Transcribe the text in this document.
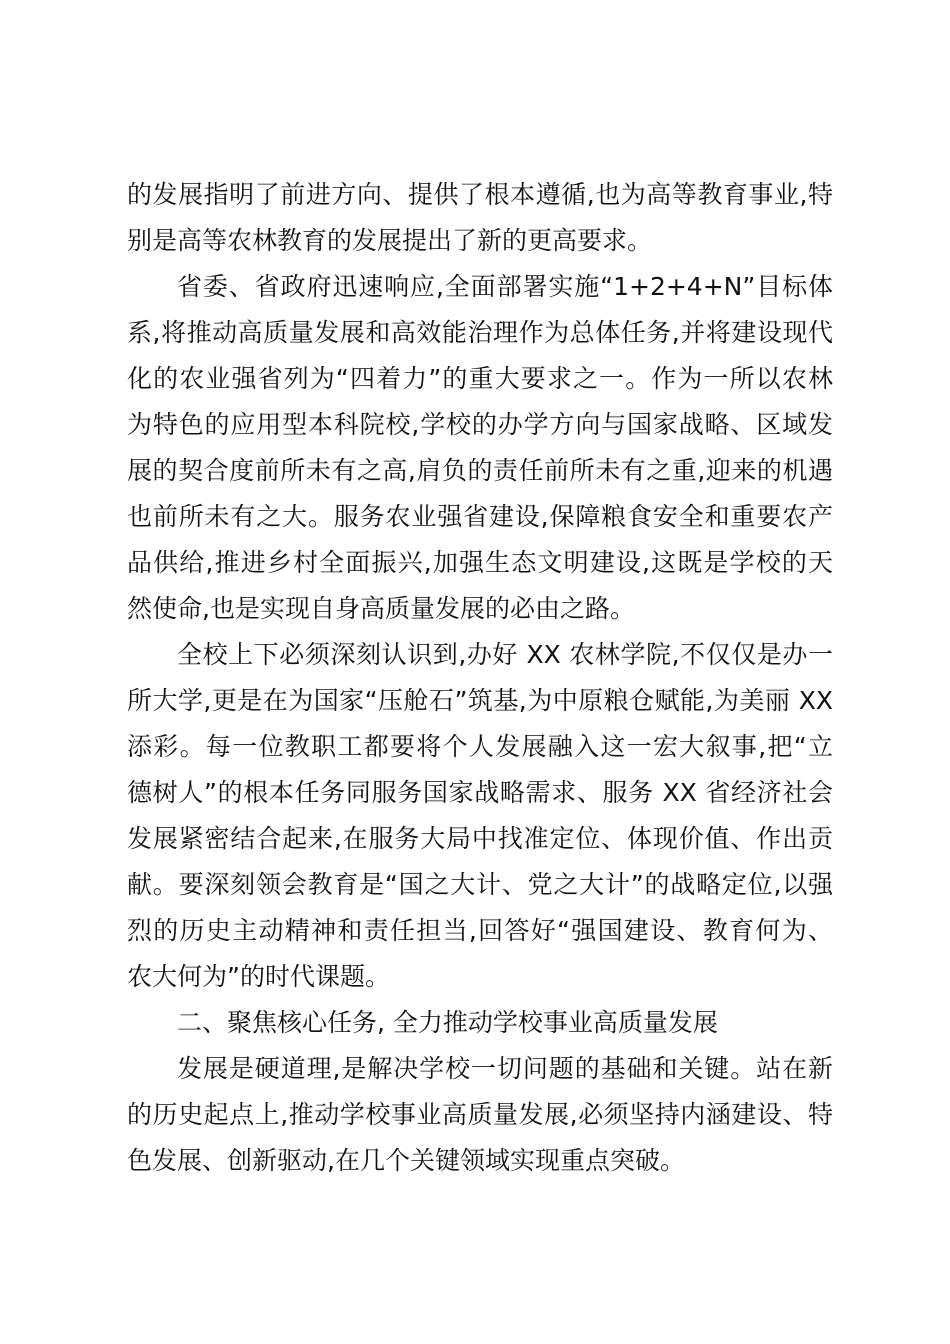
的发展指明了前进方向、提供了根本遵循,也为高等教育事业,特
别是高等农林教育的发展提出了新的更高要求。
省委、省政府迅速响应,全面部署实施“1+2+4+N”目标体
系,将推动高质量发展和高效能治理作为总体任务,并将建设现代
化的农业强省列为“四着力”的重大要求之一。作为一所以农林
为特色的应用型本科院校,学校的办学方向与国家战略、区域发
展的契合度前所未有之高,肩负的责任前所未有之重,迎来的机遇
也前所未有之大。服务农业强省建设,保障粮食安全和重要农产
品供给,推进乡村全面振兴,加强生态文明建设,这既是学校的天
然使命,也是实现自身高质量发展的必由之路。
全校上下必须深刻认识到,办好 XX 农林学院,不仅仅是办一
所大学,更是在为国家“压舱石”筑基,为中原粮仓赋能,为美丽 XX
添彩。每一位教职工都要将个人发展融入这一宏大叙事,把“立
德树人”的根本任务同服务国家战略需求、服务 XX 省经济社会
发展紧密结合起来,在服务大局中找准定位、体现价值、作出贡
献。要深刻领会教育是“国之大计、党之大计”的战略定位,以强
烈的历史主动精神和责任担当,回答好“强国建设、教育何为、
农大何为”的时代课题。
二、聚焦核心任务, 全力推动学校事业高质量发展
发展是硬道理,是解决学校一切问题的基础和关键。站在新
的历史起点上,推动学校事业高质量发展,必须坚持内涵建设、特
色发展、创新驱动,在几个关键领域实现重点突破。
